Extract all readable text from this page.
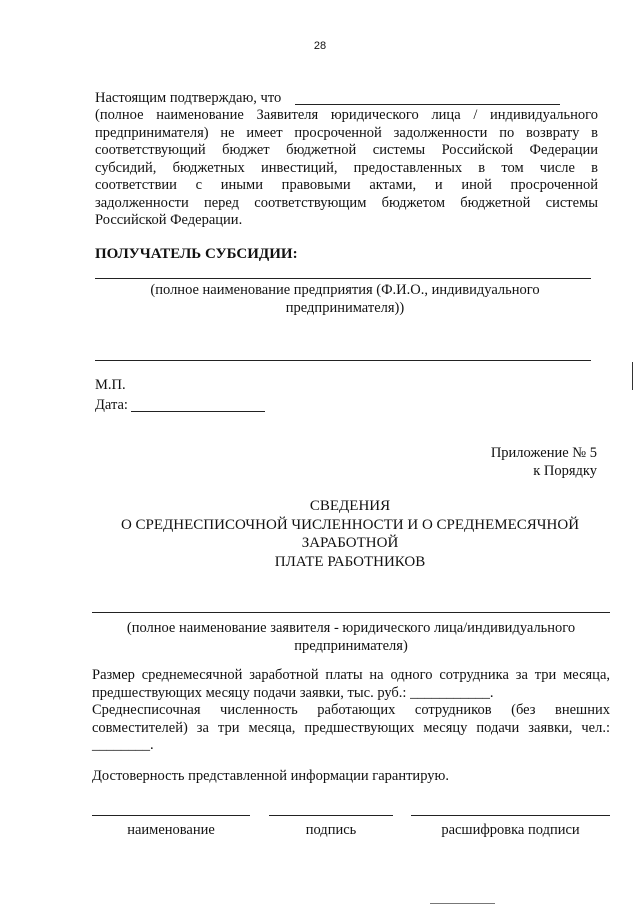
28
Настоящим подтверждаю, что
(полное наименование Заявителя юридического лица / индивидуального
предпринимателя) не имеет просроченной задолженности по возврату в
соответствующий бюджет бюджетной системы Российской Федерации
субсидий, бюджетных инвестиций, предоставленных в том числе в
соответствии с иными правовыми актами, и иной просроченной
задолженности перед соответствующим бюджетом бюджетной системы
Российской Федерации.
ПОЛУЧАТЕЛЬ СУБСИДИИ:
(полное наименование предприятия (Ф.И.О., индивидуального
предпринимателя))
М.П.
Дата:
Приложение № 5
к Порядку
СВЕДЕНИЯ
О СРЕДНЕСПИСОЧНОЙ ЧИСЛЕННОСТИ И О СРЕДНЕМЕСЯЧНОЙ
ЗАРАБОТНОЙ
ПЛАТЕ РАБОТНИКОВ
(полное наименование заявителя - юридического лица/индивидуального
предпринимателя)
Размер среднемесячной заработной платы на одного сотрудника за три месяца,
предшествующих месяцу подачи заявки, тыс. руб.: ___________.
Среднесписочная численность работающих сотрудников (без внешних
совместителей) за три месяца, предшествующих месяцу подачи заявки, чел.:
________.
Достоверность представленной информации гарантирую.
наименование	подпись	расшифровка подписи
